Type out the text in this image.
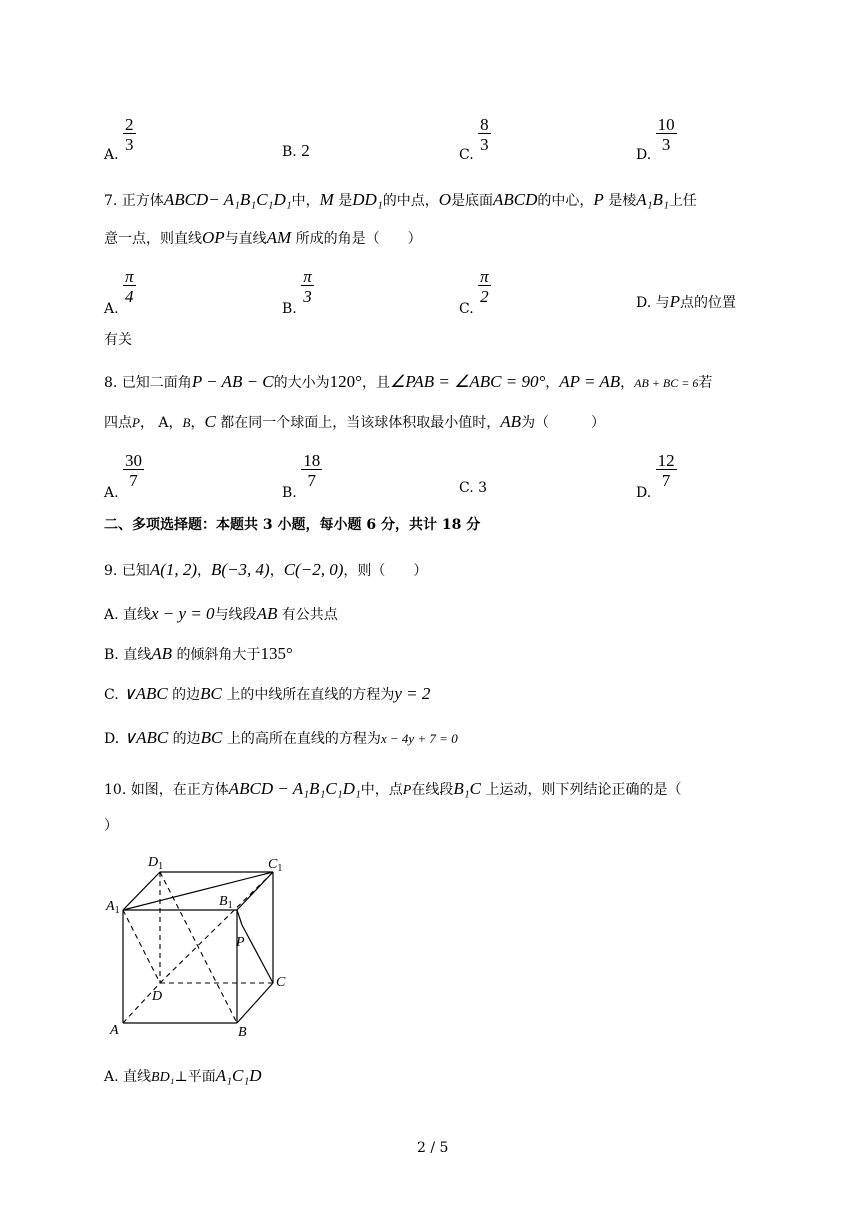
A.
$\frac{2}{3}$	B. 2	C.
$\frac{8}{3}$
D.
$\frac{10}{3}$
7. 正方体ABCD− A₁B₁C₁D₁中，M 是DD₁的中点，O是底面ABCD的中心，P 是棱A₁B₁上任
意一点，则直线OP与直线AM 所成的角是（　　）
A.
$\frac{\pi}{4}$
B.
$\frac{\pi}{3}$
C.
$\frac{\pi}{2}$	D. 与P点的位置
有关
8. 已知二面角P − AB − C的大小为120°，且∠PAB = ∠ABC = 90°，AP = AB，AB + BC = 6若
四点P， A，B，C 都在同一个球面上，当该球体积取最小值时，AB为（　　　）
A.
$\frac{30}{7}$
B.
$\frac{18}{7}$	C. 3	D.
$\frac{12}{7}$
二、多项选择题：本题共 3 小题，每小题 6 分，共计 18 分
9. 已知A(1, 2)，B(−3, 4)，C(−2, 0)，则（　　）
A. 直线x − y = 0与线段AB 有公共点
B. 直线AB 的倾斜角大于135°
C. ∨ABC 的边BC 上的中线所在直线的方程为y = 2
D. ∨ABC 的边BC 上的高所在直线的方程为x − 4y + 7 = 0
10. 如图，在正方体ABCD − A₁B₁C₁D₁中，点P在线段B₁C 上运动，则下列结论正确的是（
）
$D_1$	$C_1$
$A_1$
$B_1$
P
C
D
A	B
A. 直线BD₁⊥平面A₁C₁D
2 / 5
